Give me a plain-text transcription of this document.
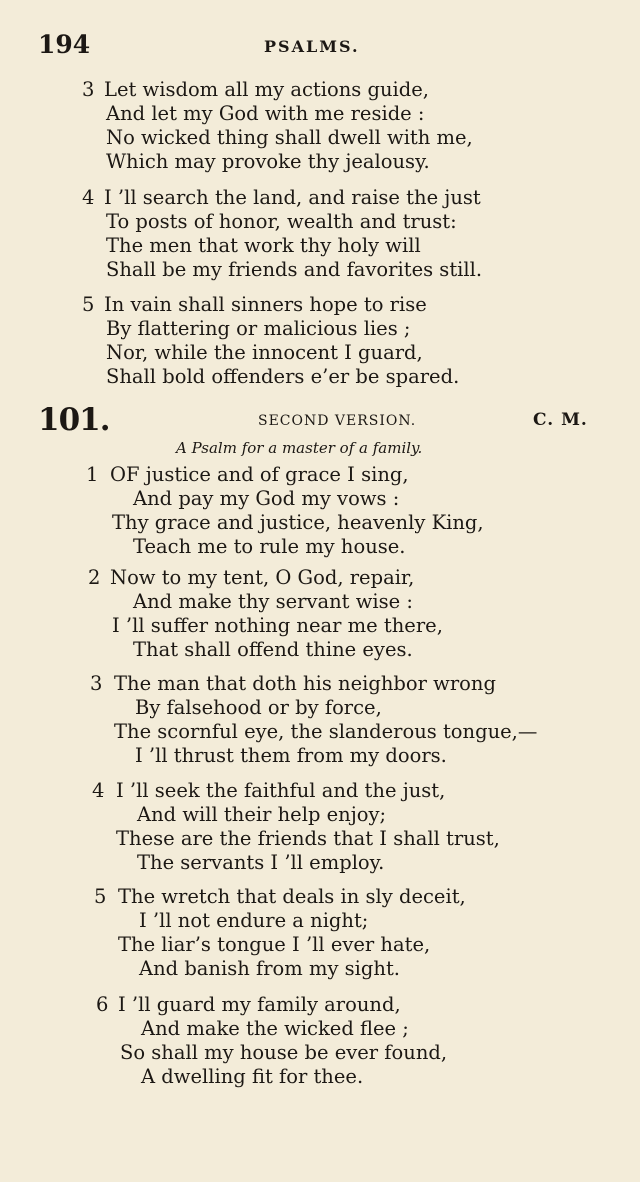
194	PSALMS.
3 Let wisdom all my actions guide,
And let my God with me reside :
No wicked thing shall dwell with me,
Which may provoke thy jealousy.
4 I ’ll search the land, and raise the just
To posts of honor, wealth and trust:
The men that work thy holy will
Shall be my friends and favorites still.
5 In vain shall sinners hope to rise
By flattering or malicious lies ;
Nor, while the innocent I guard,
Shall bold offenders e’er be spared.
101.	SECOND VERSION.	C. M.
A Psalm for a master of a family.
1 OF justice and of grace I sing,
And pay my God my vows :
Thy grace and justice, heavenly King,
Teach me to rule my house.
2 Now to my tent, O God, repair,
And make thy servant wise :
I ’ll suffer nothing near me there,
That shall offend thine eyes.
3 The man that doth his neighbor wrong
By falsehood or by force,
The scornful eye, the slanderous tongue,—
I ’ll thrust them from my doors.
4 I ’ll seek the faithful and the just,
And will their help enjoy;
These are the friends that I shall trust,
The servants I ’ll employ.
5 The wretch that deals in sly deceit,
I ’ll not endure a night;
The liar’s tongue I ’ll ever hate,
And banish from my sight.
6 I ’ll guard my family around,
And make the wicked flee ;
So shall my house be ever found,
A dwelling fit for thee.
